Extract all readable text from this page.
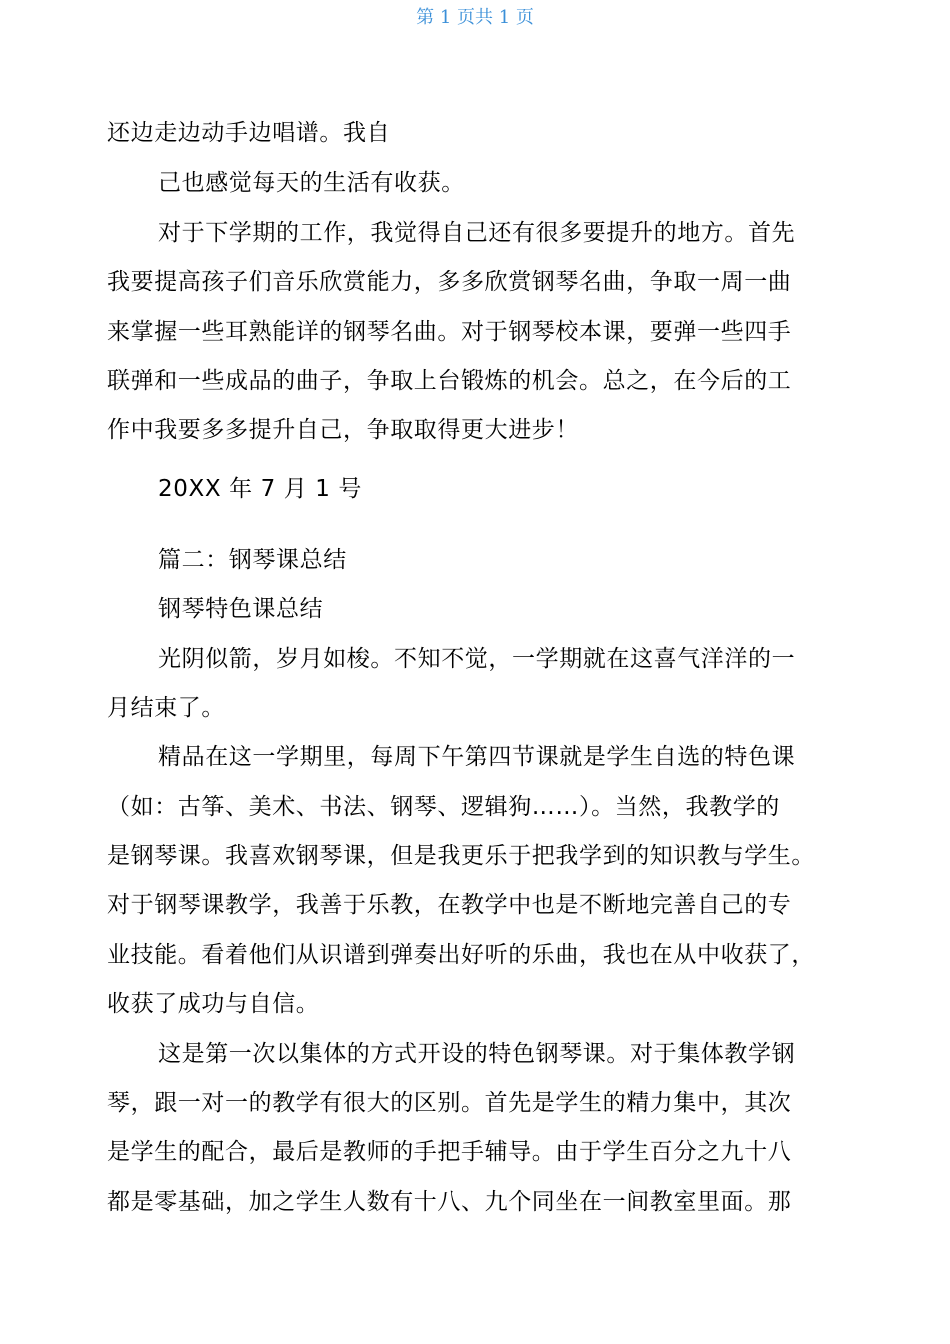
第 1 页共 1 页
还边走边动手边唱谱。我自
己也感觉每天的生活有收获。
对于下学期的工作，我觉得自己还有很多要提升的地方。首先
我要提高孩子们音乐欣赏能力，多多欣赏钢琴名曲，争取一周一曲
来掌握一些耳熟能详的钢琴名曲。对于钢琴校本课，要弹一些四手
联弹和一些成品的曲子，争取上台锻炼的机会。总之，在今后的工
作中我要多多提升自己，争取取得更大进步！
20XX 年 7 月 1 号
篇二：钢琴课总结
钢琴特色课总结
光阴似箭，岁月如梭。不知不觉，一学期就在这喜气洋洋的一
月结束了。
精品在这一学期里，每周下午第四节课就是学生自选的特色课
（如：古筝、美术、书法、钢琴、逻辑狗……）。当然，我教学的
是钢琴课。我喜欢钢琴课，但是我更乐于把我学到的知识教与学生。
对于钢琴课教学，我善于乐教，在教学中也是不断地完善自己的专
业技能。看着他们从识谱到弹奏出好听的乐曲，我也在从中收获了，
收获了成功与自信。
这是第一次以集体的方式开设的特色钢琴课。对于集体教学钢
琴，跟一对一的教学有很大的区别。首先是学生的精力集中，其次
是学生的配合，最后是教师的手把手辅导。由于学生百分之九十八
都是零基础，加之学生人数有十八、九个同坐在一间教室里面。那
